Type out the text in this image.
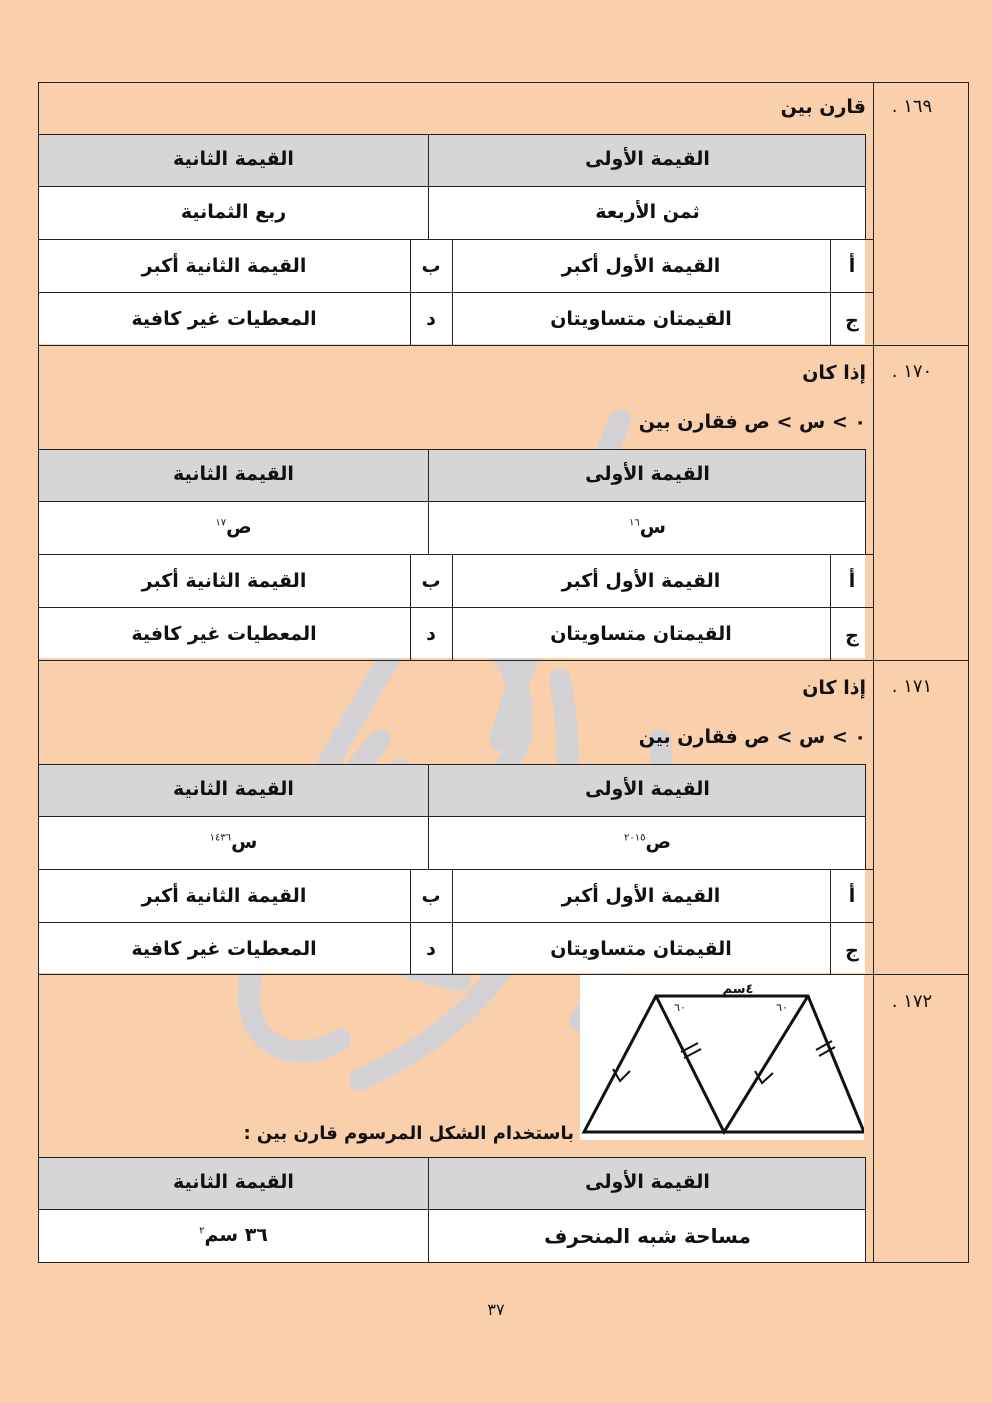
١٦٩ .
قارن بين
القيمة الأولى
القيمة الثانية
ثمن الأربعة
ربع الثمانية
أ
القيمة الأول أكبر
ب
القيمة الثانية أكبر
ج
القيمتان متساويتان
د
المعطيات غير كافية
١٧٠ .
إذا كان
٠ > س > ص فقارن بين
القيمة الأولى
القيمة الثانية
س$^{١٦}$
ص$^{١٧}$
أ
القيمة الأول أكبر
ب
القيمة الثانية أكبر
ج
القيمتان متساويتان
د
المعطيات غير كافية
١٧١ .
إذا كان
٠ > س > ص فقارن بين
القيمة الأولى
القيمة الثانية
ص$^{٢٠١٥}$
س$^{١٤٣٦}$
أ
القيمة الأول أكبر
ب
القيمة الثانية أكبر
ج
القيمتان متساويتان
د
المعطيات غير كافية
١٧٢ .
٤سم
٦٠	٦٠
باستخدام الشكل المرسوم قارن بين :
القيمة الأولى
القيمة الثانية
مساحة شبه المنحرف
٣٦ سم$^٢$
٣٧
